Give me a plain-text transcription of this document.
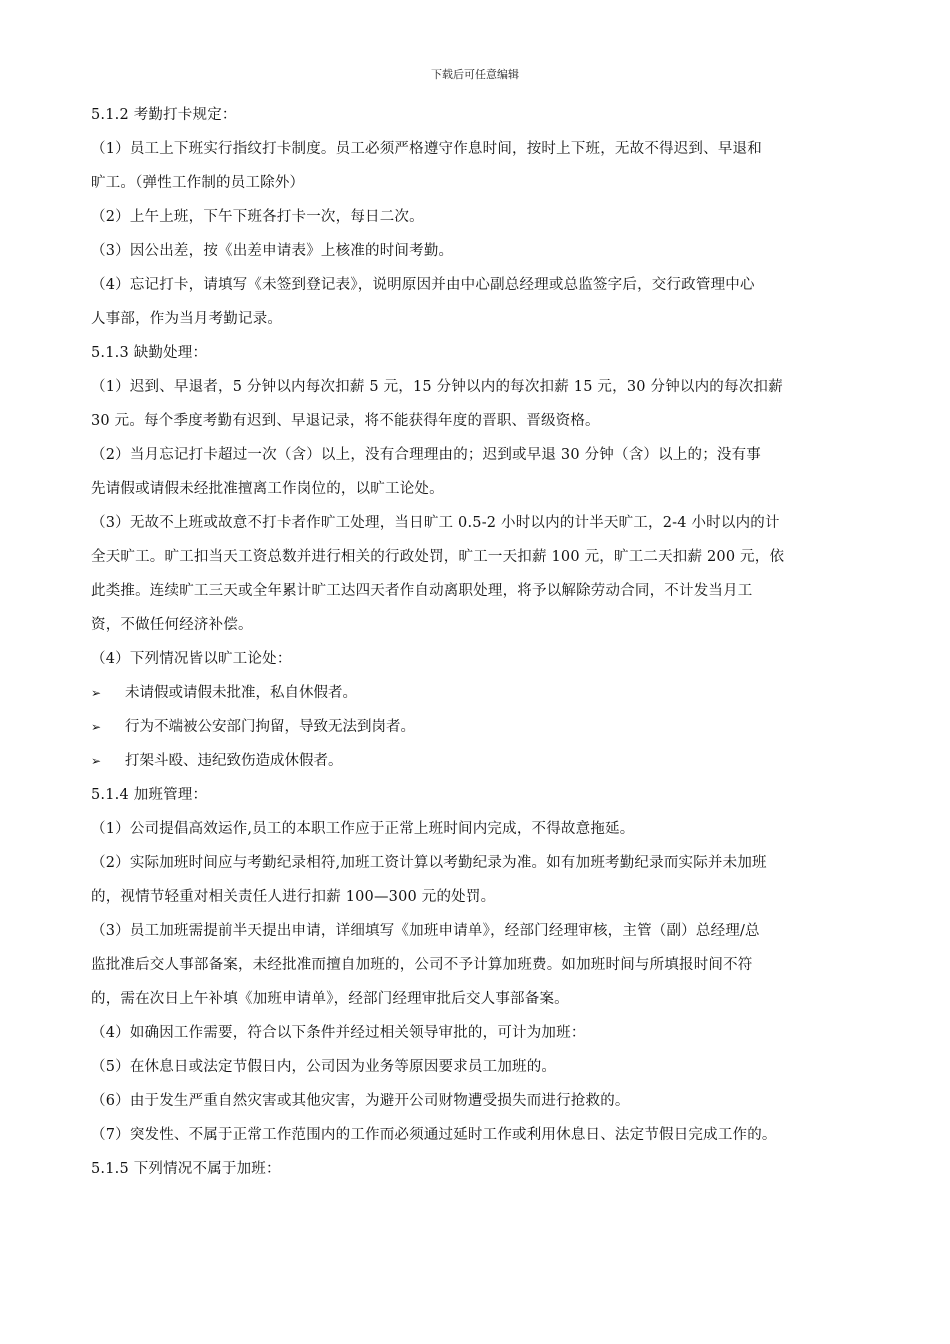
下载后可任意编辑
5.1.2 考勤打卡规定：
（1）员工上下班实行指纹打卡制度。员工必须严格遵守作息时间，按时上下班，无故不得迟到、早退和
旷工。（弹性工作制的员工除外）
（2）上午上班，下午下班各打卡一次，每日二次。
（3）因公出差，按《出差申请表》上核准的时间考勤。
（4）忘记打卡，请填写《未签到登记表》，说明原因并由中心副总经理或总监签字后，交行政管理中心
人事部，作为当月考勤记录。
5.1.3 缺勤处理：
（1）迟到、早退者，5 分钟以内每次扣薪 5 元，15 分钟以内的每次扣薪 15 元，30 分钟以内的每次扣薪
30 元。每个季度考勤有迟到、早退记录，将不能获得年度的晋职、晋级资格。
（2）当月忘记打卡超过一次（含）以上，没有合理理由的；迟到或早退 30 分钟（含）以上的；没有事
先请假或请假未经批准擅离工作岗位的，以旷工论处。
（3）无故不上班或故意不打卡者作旷工处理，当日旷工 0.5-2 小时以内的计半天旷工，2-4 小时以内的计
全天旷工。旷工扣当天工资总数并进行相关的行政处罚，旷工一天扣薪 100 元，旷工二天扣薪 200 元，依
此类推。连续旷工三天或全年累计旷工达四天者作自动离职处理，将予以解除劳动合同，不计发当月工
资，不做任何经济补偿。
（4）下列情况皆以旷工论处：
➢	未请假或请假未批准，私自休假者。
➢	行为不端被公安部门拘留，导致无法到岗者。
➢	打架斗殴、违纪致伤造成休假者。
5.1.4 加班管理：
（1）公司提倡高效运作,员工的本职工作应于正常上班时间内完成，不得故意拖延。
（2）实际加班时间应与考勤纪录相符,加班工资计算以考勤纪录为准。如有加班考勤纪录而实际并未加班
的，视情节轻重对相关责任人进行扣薪 100—300 元的处罚。
（3）员工加班需提前半天提出申请，详细填写《加班申请单》，经部门经理审核，主管（副）总经理/总
监批准后交人事部备案，未经批准而擅自加班的，公司不予计算加班费。如加班时间与所填报时间不符
的，需在次日上午补填《加班申请单》，经部门经理审批后交人事部备案。
（4）如确因工作需要，符合以下条件并经过相关领导审批的，可计为加班：
（5）在休息日或法定节假日内，公司因为业务等原因要求员工加班的。
（6）由于发生严重自然灾害或其他灾害，为避开公司财物遭受损失而进行抢救的。
（7）突发性、不属于正常工作范围内的工作而必须通过延时工作或利用休息日、法定节假日完成工作的。
5.1.5 下列情况不属于加班：
